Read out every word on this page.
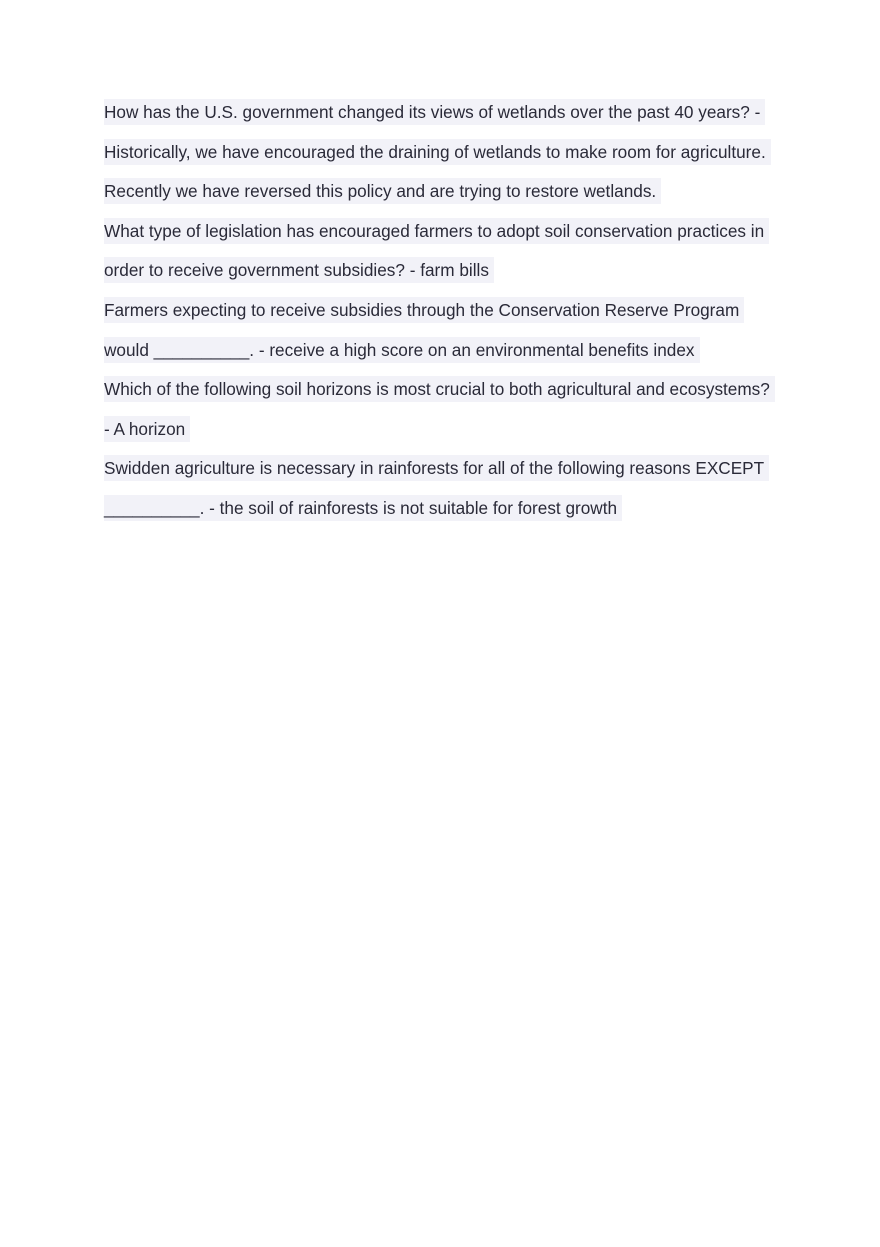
How has the U.S. government changed its views of wetlands over the past 40 years? -
Historically, we have encouraged the draining of wetlands to make room for agriculture.
Recently we have reversed this policy and are trying to restore wetlands.
What type of legislation has encouraged farmers to adopt soil conservation practices in
order to receive government subsidies? - farm bills
Farmers expecting to receive subsidies through the Conservation Reserve Program
would __________. - receive a high score on an environmental benefits index
Which of the following soil horizons is most crucial to both agricultural and ecosystems?
- A horizon
Swidden agriculture is necessary in rainforests for all of the following reasons EXCEPT
__________. - the soil of rainforests is not suitable for forest growth
